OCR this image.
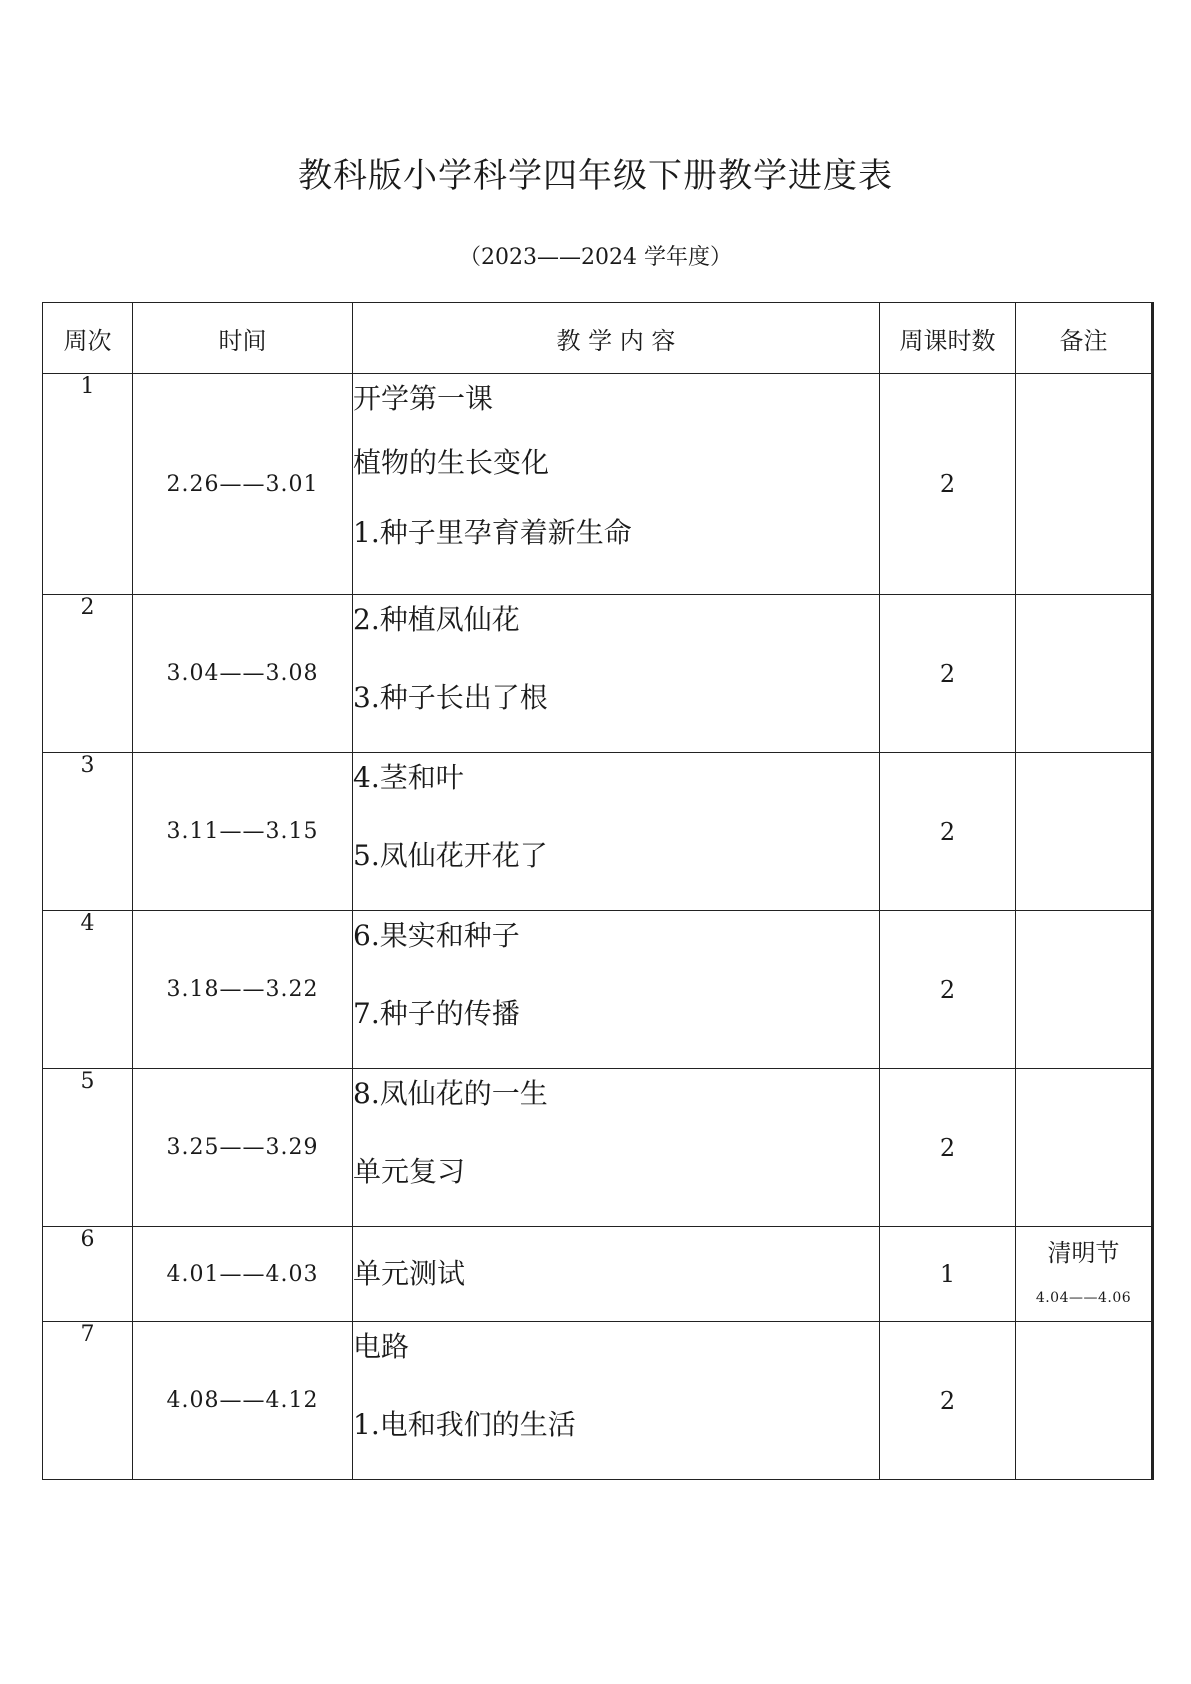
教科版小学科学四年级下册教学进度表
（2023——2024 学年度）
周次	时间	教 学 内 容	周课时数	备注
1	2.26——3.01	开学第一课
植物的生长变化
1.种子里孕育着新生命	2	
2	3.04——3.08	2.种植凤仙花
3.种子长出了根	2	
3	3.11——3.15	4.茎和叶
5.凤仙花开花了	2	
4	3.18——3.22	6.果实和种子
7.种子的传播	2	
5	3.25——3.29	8.凤仙花的一生
单元复习	2	
6	4.01——4.03	单元测试	1	清明节
4.04——4.06

7	4.08——4.12	电路
1.电和我们的生活	2	
